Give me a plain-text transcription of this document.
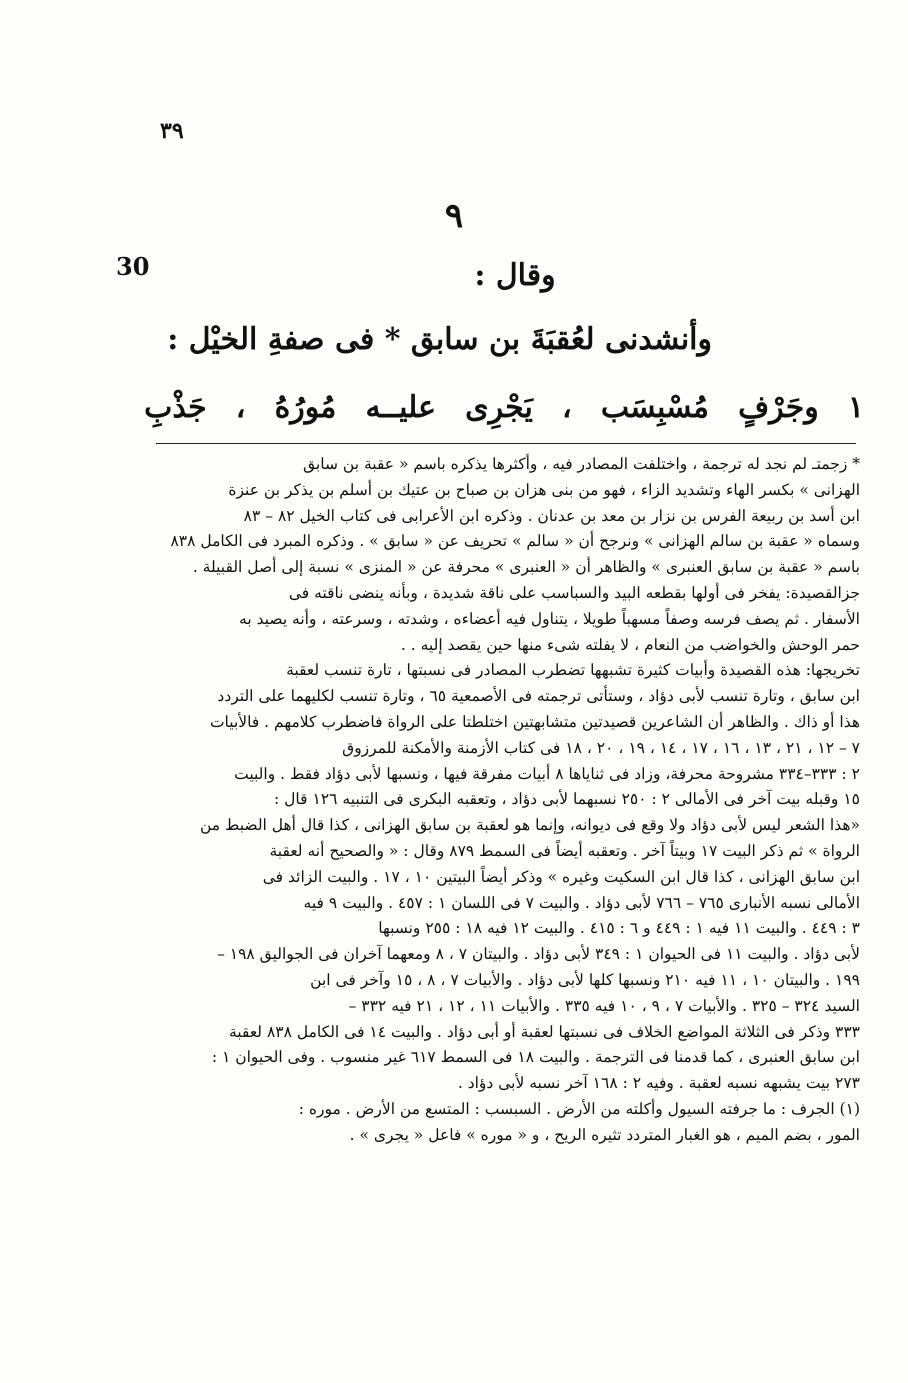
٣٩
30
٩
وقال :
وأنشدنى لعُقبَةَ بن سابق * فى صفةِ الخيْل :
١
وجَرْفٍ
مُسْبِسَب
،
يَجْرِى
عليــه
مُورُهُ
،
جَذْبِ
* زجمتـ لم نجد له ترجمة ، واختلفت المصادر فيه ، وأكثرها يذكره باسم « عقبة بن سابق
الهزانى » بكسر الهاء وتشديد الزاء ، فهو من بنى هزان بن صباح بن عتيك بن أسلم بن يذكر بن عنزة
ابن أسد بن ربيعة الفرس بن نزار بن معد بن عدنان . وذكره ابن الأعرابى فى كتاب الخيل ٨٢ – ٨٣
وسماه « عقبة بن سالم الهزانى » ونرجح أن « سالم » تحريف عن « سابق » . وذكره المبرد فى الكامل ٨٣٨
باسم « عقبة بن سابق العنبرى » والظاهر أن « العنبرى » محرفة عن « المنزى » نسبة إلى أصل القبيلة .
جزالقصيدة: يفخر فى أولها بقطعه البيد والسباسب على ناقة شديدة ، وبأنه ينضى ناقته فى
الأسفار . ثم يصف فرسه وصفاً مسهباً طويلا ، يتناول فيه أعضاءه ، وشدته ، وسرعته ، وأنه يصيد به
حمر الوحش والخواضب من النعام ، لا يفلته شىء منها حين يقصد إليه . .
تخريجها: هذه القصيدة وأبيات كثيرة تشبهها تضطرب المصادر فى نسبتها ، تارة تنسب لعقبة
ابن سابق ، وتارة تنسب لأبى دؤاد ، وستأتى ترجمته فى الأصمعية ٦٥ ، وتارة تنسب لكليهما على التردد
هذا أو ذاك . والظاهر أن الشاعرين قصيدتين متشابهتين اختلطتا على الرواة فاضطرب كلامهم . فالأبيات
٧ – ١٢ ، ٢١ ، ١٣ ، ١٦ ، ١٧ ، ١٤ ، ١٩ ، ٢٠ ، ١٨ فى كتاب الأزمنة والأمكنة للمرزوق
٢ : ٣٣٣–٣٣٤ مشروحة محرفة، وزاد فى ثناياها ٨ أبيات مفرقة فيها ، ونسبها لأبى دؤاد فقط . والبيت
١٥ وقبله بيت آخر فى الأمالى ٢ : ٢٥٠ نسبهما لأبى دؤاد ، وتعقبه البكرى فى التنبيه ١٢٦ قال :
«هذا الشعر ليس لأبى دؤاد ولا وقع فى ديوانه، وإنما هو لعقبة بن سابق الهزانى ، كذا قال أهل الضبط من
الرواة » ثم ذكر البيت ١٧ وبيتاً آخر . وتعقبه أيضاً فى السمط ٨٧٩ وقال : « والصحيح أنه لعقبة
ابن سابق الهزانى ، كذا قال ابن السكيت وغيره » وذكر أيضاً البيتين ١٠ ، ١٧ . والبيت الزائد فى
الأمالى نسبه الأنبارى ٧٦٥ – ٧٦٦ لأبى دؤاد . والبيت ٧ فى اللسان ١ : ٤٥٧ . والبيت ٩ فيه
٣ : ٤٤٩ . والبيت ١١ فيه ١ : ٤٤٩ و ٦ : ٤١٥ . والبيت ١٢ فيه ١٨ : ٢٥٥ ونسبها
لأبى دؤاد . والبيت ١١ فى الحيوان ١ : ٣٤٩ لأبى دؤاد . والبيتان ٧ ، ٨ ومعهما آخران فى الجواليق ١٩٨ –
١٩٩ . والبيتان ١٠ ، ١١ فيه ٢١٠ ونسبها كلها لأبى دؤاد . والأبيات ٧ ، ٨ ، ١٥ وآخر فى ابن
السيد ٣٢٤ – ٣٢٥ . والأبيات ٧ ، ٩ ، ١٠ فيه ٣٣٥ . والأبيات ١١ ، ١٢ ، ٢١ فيه ٣٣٢ –
٣٣٣ وذكر فى الثلاثة المواضع الخلاف فى نسبتها لعقبة أو أبى دؤاد . والبيت ١٤ فى الكامل ٨٣٨ لعقبة
ابن سابق العنبرى ، كما قدمنا فى الترجمة . والبيت ١٨ فى السمط ٦١٧ غير منسوب . وفى الحيوان ١ :
٢٧٣ بيت يشبهه نسبه لعقبة . وفيه ٢ : ١٦٨ آخر نسبه لأبى دؤاد .
(١) الجرف : ما جرفته السيول وأكلته من الأرض . السبسب : المتسع من الأرض . موره :
المور ، بضم الميم ، هو الغبار المتردد تثيره الريح ، و « موره » فاعل « يجرى » .
